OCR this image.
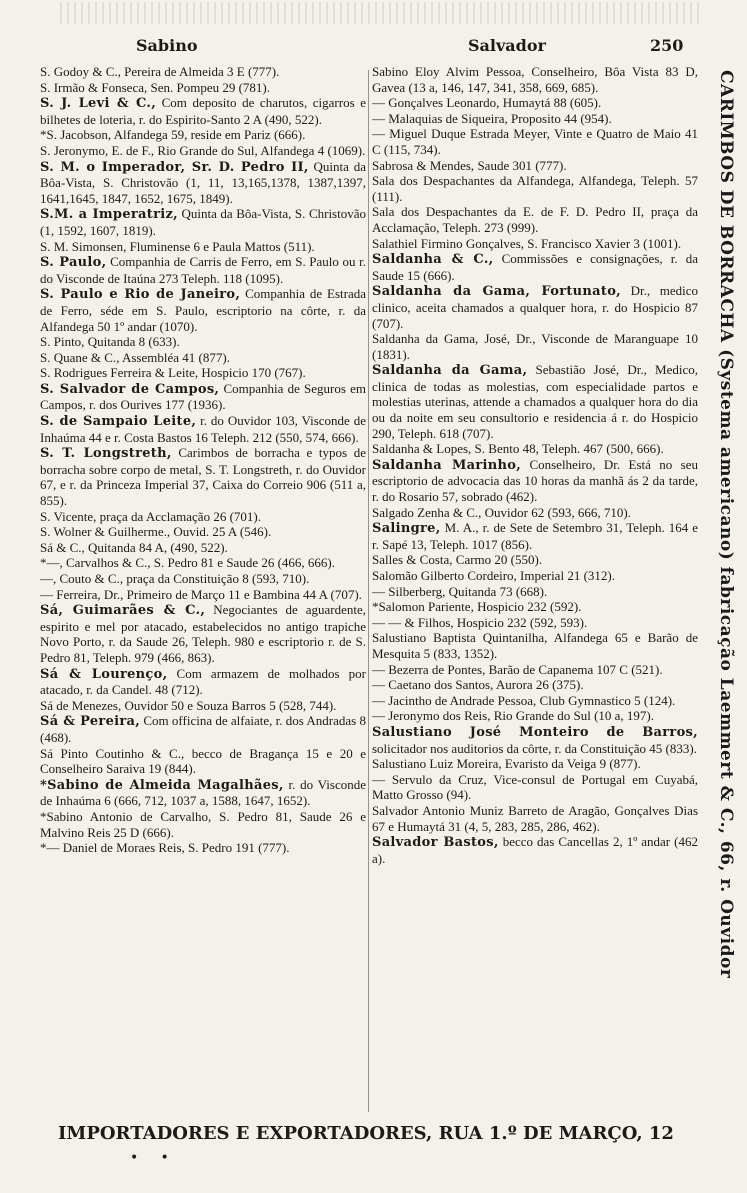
Sabino	Salvador	250
S. Godoy & C., Pereira de Almeida 3 E (777).
S. Irmão & Fonseca, Sen. Pompeu 29 (781).
S. J. Levi & C., Com deposito de charutos, cigarros e bilhetes de loteria, r. do Espirito-Santo 2 A (490, 522).
*S. Jacobson, Alfandega 59, reside em Pariz (666).
S. Jeronymo, E. de F., Rio Grande do Sul, Alfandega 4 (1069).
S. M. o Imperador, Sr. D. Pedro II, Quinta da Bôa-Vista, S. Christovão (1, 11, 13,165,1378, 1387,1397, 1641,1645, 1847, 1652, 1675, 1849).
S.M. a Imperatriz, Quinta da Bôa-Vista, S. Christovão (1, 1592, 1607, 1819).
S. M. Simonsen, Fluminense 6 e Paula Mattos (511).
S. Paulo, Companhia de Carris de Ferro, em S. Paulo ou r. do Visconde de Itaúna 273 Teleph. 118 (1095).
S. Paulo e Rio de Janeiro, Companhia de Estrada de Ferro, séde em S. Paulo, escriptorio na côrte, r. da Alfandega 50 1º andar (1070).
S. Pinto, Quitanda 8 (633).
S. Quane & C., Assembléa 41 (877).
S. Rodrigues Ferreira & Leite, Hospicio 170 (767).
S. Salvador de Campos, Companhia de Seguros em Campos, r. dos Ourives 177 (1936).
S. de Sampaio Leite, r. do Ouvidor 103, Visconde de Inhaúma 44 e r. Costa Bastos 16 Teleph. 212 (550, 574, 666).
S. T. Longstreth, Carimbos de borracha e typos de borracha sobre corpo de metal, S. T. Longstreth, r. do Ouvidor 67, e r. da Princeza Imperial 37, Caixa do Correio 906 (511 a, 855).
S. Vicente, praça da Acclamação 26 (701).
S. Wolner & Guilherme., Ouvid. 25 A (546).
Sá & C., Quitanda 84 A, (490, 522).
*—, Carvalhos & C., S. Pedro 81 e Saude 26 (466, 666).
—, Couto & C., praça da Constituição 8 (593, 710).
— Ferreira, Dr., Primeiro de Março 11 e Bambina 44 A (707).
Sá, Guimarães & C., Negociantes de aguardente, espirito e mel por atacado, estabelecidos no antigo trapiche Novo Porto, r. da Saude 26, Teleph. 980 e escriptorio r. de S. Pedro 81, Teleph. 979 (466, 863).
Sá & Lourenço, Com armazem de molhados por atacado, r. da Candel. 48 (712).
Sá de Menezes, Ouvidor 50 e Souza Barros 5 (528, 744).
Sá & Pereira, Com officina de alfaiate, r. dos Andradas 8 (468).
Sá Pinto Coutinho & C., becco de Bragança 15 e 20 e Conselheiro Saraiva 19 (844).
*Sabino de Almeida Magalhães, r. do Visconde de Inhaúma 6 (666, 712, 1037 a, 1588, 1647, 1652).
*Sabino Antonio de Carvalho, S. Pedro 81, Saude 26 e Malvino Reis 25 D (666).
*— Daniel de Moraes Reis, S. Pedro 191 (777).
Sabino Eloy Alvim Pessoa, Conselheiro, Bôa Vista 83 D, Gavea (13 a, 146, 147, 341, 358, 669, 685).
— Gonçalves Leonardo, Humaytá 88 (605).
— Malaquias de Siqueira, Proposito 44 (954).
— Miguel Duque Estrada Meyer, Vinte e Quatro de Maio 41 C (115, 734).
Sabrosa & Mendes, Saude 301 (777).
Sala dos Despachantes da Alfandega, Alfandega, Teleph. 57 (111).
Sala dos Despachantes da E. de F. D. Pedro II, praça da Acclamação, Teleph. 273 (999).
Salathiel Firmino Gonçalves, S. Francisco Xavier 3 (1001).
Saldanha & C., Commissões e consignações, r. da Saude 15 (666).
Saldanha da Gama, Fortunato, Dr., medico clinico, aceita chamados a qualquer hora, r. do Hospicio 87 (707).
Saldanha da Gama, José, Dr., Visconde de Maranguape 10 (1831).
Saldanha da Gama, Sebastião José, Dr., Medico, clinica de todas as molestias, com especialidade partos e molestias uterinas, attende a chamados a qualquer hora do dia ou da noite em seu consultorio e residencia á r. do Hospicio 290, Teleph. 618 (707).
Saldanha & Lopes, S. Bento 48, Teleph. 467 (500, 666).
Saldanha Marinho, Conselheiro, Dr. Está no seu escriptorio de advocacia das 10 horas da manhã ás 2 da tarde, r. do Rosario 57, sobrado (462).
Salgado Zenha & C., Ouvidor 62 (593, 666, 710).
Salingre, M. A., r. de Sete de Setembro 31, Teleph. 164 e r. Sapé 13, Teleph. 1017 (856).
Salles & Costa, Carmo 20 (550).
Salomão Gilberto Cordeiro, Imperial 21 (312).
— Silberberg, Quitanda 73 (668).
*Salomon Pariente, Hospicio 232 (592).
— — & Filhos, Hospicio 232 (592, 593).
Salustiano Baptista Quintanilha, Alfandega 65 e Barão de Mesquita 5 (833, 1352).
— Bezerra de Pontes, Barão de Capanema 107 C (521).
— Caetano dos Santos, Aurora 26 (375).
— Jacintho de Andrade Pessoa, Club Gymnastico 5 (124).
— Jeronymo dos Reis, Rio Grande do Sul (10 a, 197).
Salustiano José Monteiro de Barros, solicitador nos auditorios da côrte, r. da Constituição 45 (833).
Salustiano Luiz Moreira, Evaristo da Veiga 9 (877).
— Servulo da Cruz, Vice-consul de Portugal em Cuyabá, Matto Grosso (94).
Salvador Antonio Muniz Barreto de Aragão, Gonçalves Dias 67 e Humaytá 31 (4, 5, 283, 285, 286, 462).
Salvador Bastos, becco das Cancellas 2, 1º andar (462 a).	CARIMBOS DE BORRACHA (Systema americano) fabricação Laemmert & C., 66, r. Ouvidor
IMPORTADORES E EXPORTADORES, RUA 1.º DE MARÇO, 12
•     •
